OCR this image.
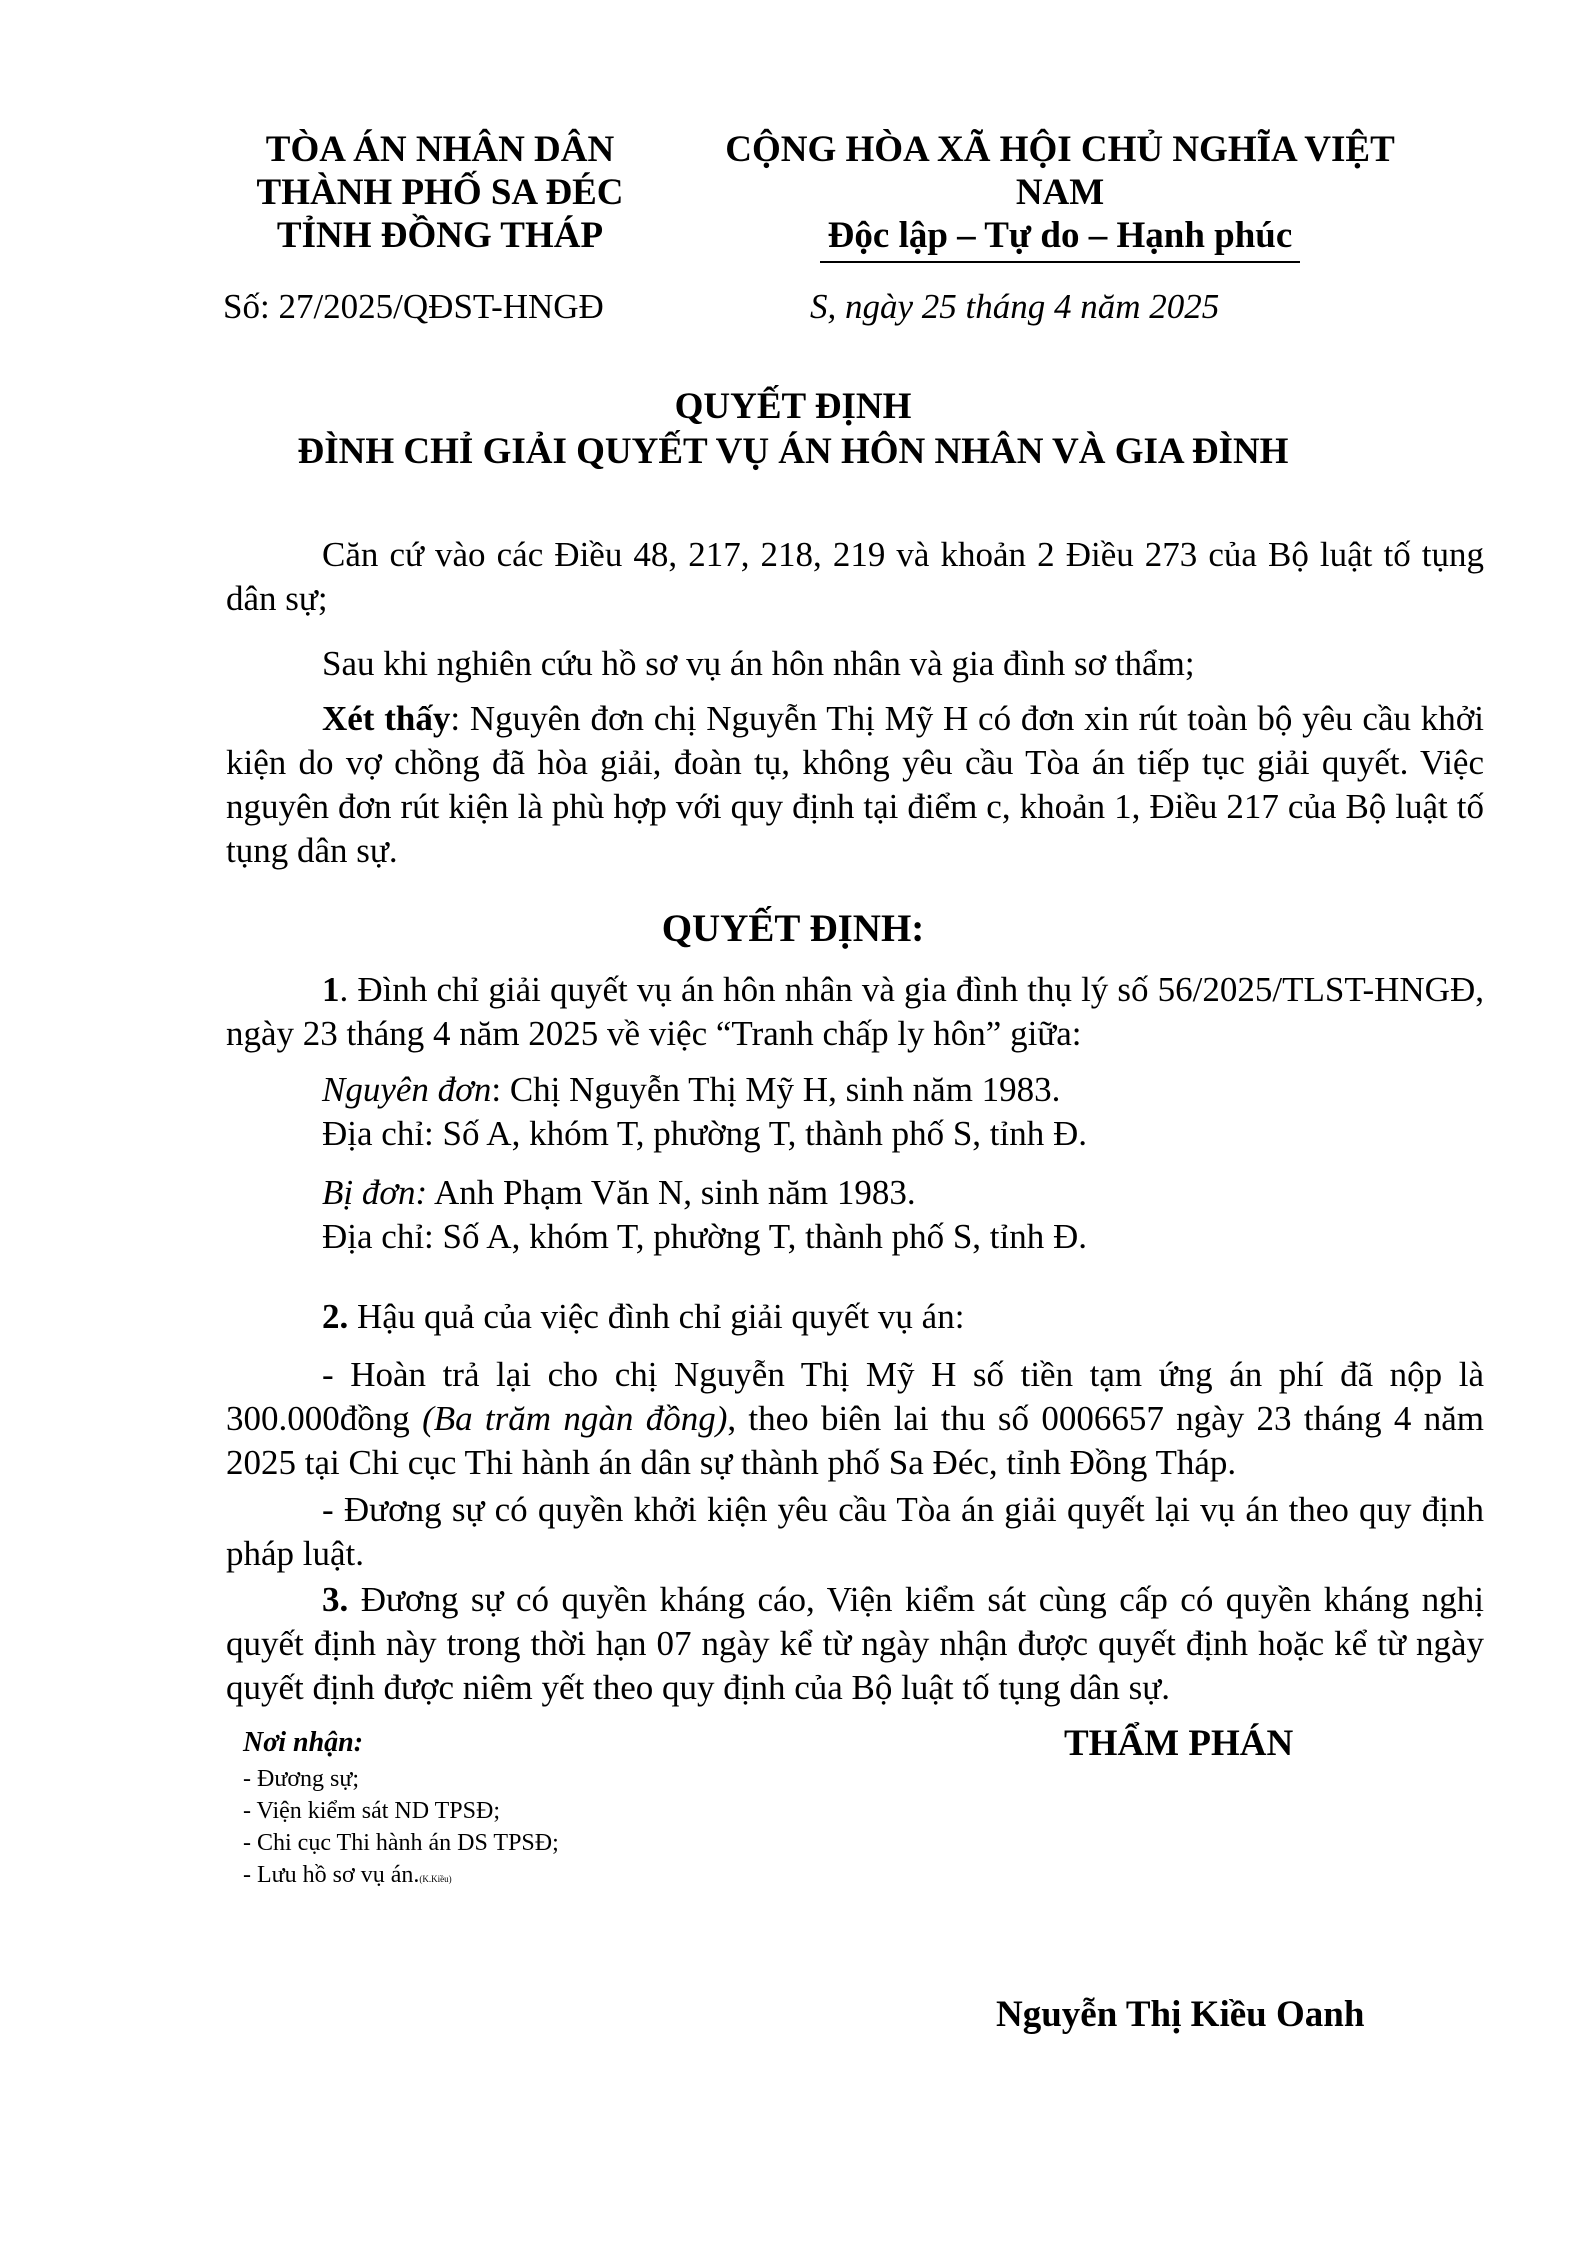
TÒA ÁN NHÂN DÂN
THÀNH PHỐ SA ĐÉC
TỈNH ĐỒNG THÁP
CỘNG HÒA XÃ HỘI CHỦ NGHĨA VIỆT NAM
Độc lập – Tự do – Hạnh phúc
Số: 27/2025/QĐST-HNGĐ	S, ngày 25 tháng 4 năm 2025
QUYẾT ĐỊNH
ĐÌNH CHỈ GIẢI QUYẾT VỤ ÁN HÔN NHÂN VÀ GIA ĐÌNH
Căn cứ vào các Điều 48, 217, 218, 219 và khoản 2 Điều 273 của Bộ luật tố tụng dân sự;
Sau khi nghiên cứu hồ sơ vụ án hôn nhân và gia đình sơ thẩm;
Xét thấy: Nguyên đơn chị Nguyễn Thị Mỹ H có đơn xin rút toàn bộ yêu cầu khởi kiện do vợ chồng đã hòa giải, đoàn tụ, không yêu cầu Tòa án tiếp tục giải quyết. Việc nguyên đơn rút kiện là phù hợp với quy định tại điểm c, khoản 1, Điều 217 của Bộ luật tố tụng dân sự.
QUYẾT ĐỊNH:
1. Đình chỉ giải quyết vụ án hôn nhân và gia đình thụ lý số 56/2025/TLST-HNGĐ, ngày 23 tháng 4 năm 2025 về việc “Tranh chấp ly hôn” giữa:
Nguyên đơn: Chị Nguyễn Thị Mỹ H, sinh năm 1983.
Địa chỉ: Số A, khóm T, phường T, thành phố S, tỉnh Đ.
Bị đơn: Anh Phạm Văn N, sinh năm 1983.
Địa chỉ: Số A, khóm T, phường T, thành phố S, tỉnh Đ.
2. Hậu quả của việc đình chỉ giải quyết vụ án:
- Hoàn trả lại cho chị Nguyễn Thị Mỹ H số tiền tạm ứng án phí đã nộp là 300.000đồng (Ba trăm ngàn đồng), theo biên lai thu số 0006657 ngày 23 tháng 4 năm 2025 tại Chi cục Thi hành án dân sự thành phố Sa Đéc, tỉnh Đồng Tháp.
- Đương sự có quyền khởi kiện yêu cầu Tòa án giải quyết lại vụ án theo quy định pháp luật.
3. Đương sự có quyền kháng cáo, Viện kiểm sát cùng cấp có quyền kháng nghị quyết định này trong thời hạn 07 ngày kể từ ngày nhận được quyết định hoặc kể từ ngày quyết định được niêm yết theo quy định của Bộ luật tố tụng dân sự.
Nơi nhận:
- Đương sự;
- Viện kiểm sát ND TPSĐ;
- Chi cục Thi hành án DS TPSĐ;
- Lưu hồ sơ vụ án.(K.Kiều)
THẨM PHÁN
Nguyễn Thị Kiều Oanh
